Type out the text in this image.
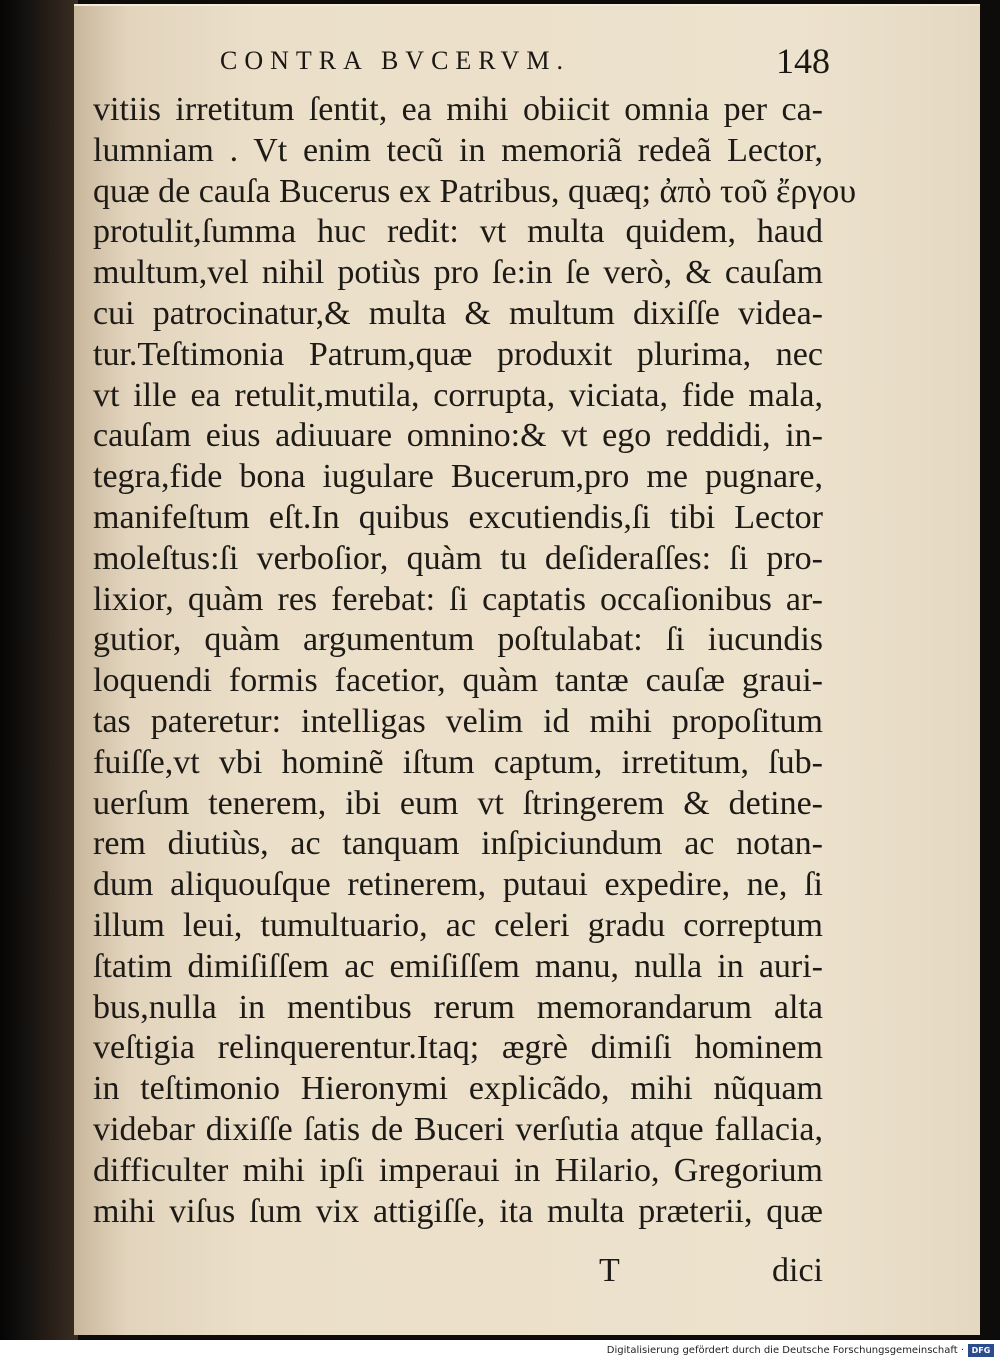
CONTRA BVCERVM.	148
vitiis irretitum ſentit, ea mihi obiicit omnia per ca-
lumniam . Vt enim tecũ in memoriã redeã Lector,
quæ de cauſa Bucerus ex Patribus, quæq; ἀπὸ τοῦ ἔργου
protulit,ſumma huc redit: vt multa quidem, haud
multum,vel nihil potiùs pro ſe:in ſe verò, & cauſam
cui patrocinatur,& multa & multum dixiſſe videa-
tur.Teſtimonia Patrum,quæ produxit plurima, nec
vt ille ea retulit,mutila, corrupta, viciata, fide mala,
cauſam eius adiuuare omnino:& vt ego reddidi, in-
tegra,fide bona iugulare Bucerum,pro me pugnare,
manifeſtum eſt.In quibus excutiendis,ſi tibi Lector
moleſtus:ſi verboſior, quàm tu deſideraſſes: ſi pro-
lixior, quàm res ferebat: ſi captatis occaſionibus ar-
gutior, quàm argumentum poſtulabat: ſi iucundis
loquendi formis facetior, quàm tantæ cauſæ graui-
tas pateretur: intelligas velim id mihi propoſitum
fuiſſe,vt vbi hominẽ iſtum captum, irretitum, ſub-
uerſum tenerem, ibi eum vt ſtringerem & detine-
rem diutiùs, ac tanquam inſpiciundum ac notan-
dum aliquouſque retinerem, putaui expedire, ne, ſi
illum leui, tumultuario, ac celeri gradu correptum
ſtatim dimiſiſſem ac emiſiſſem manu, nulla in auri-
bus,nulla in mentibus rerum memorandarum alta
veſtigia relinquerentur.Itaq; ægrè dimiſi hominem
in teſtimonio Hieronymi explicãdo, mihi nũquam
videbar dixiſſe ſatis de Buceri verſutia atque fallacia,
difficulter mihi ipſi imperaui in Hilario, Gregorium
mihi viſus ſum vix attigiſſe, ita multa præterii, quæ
T	dici
Digitalisierung gefördert durch die Deutsche Forschungsgemeinschaft · DFG
